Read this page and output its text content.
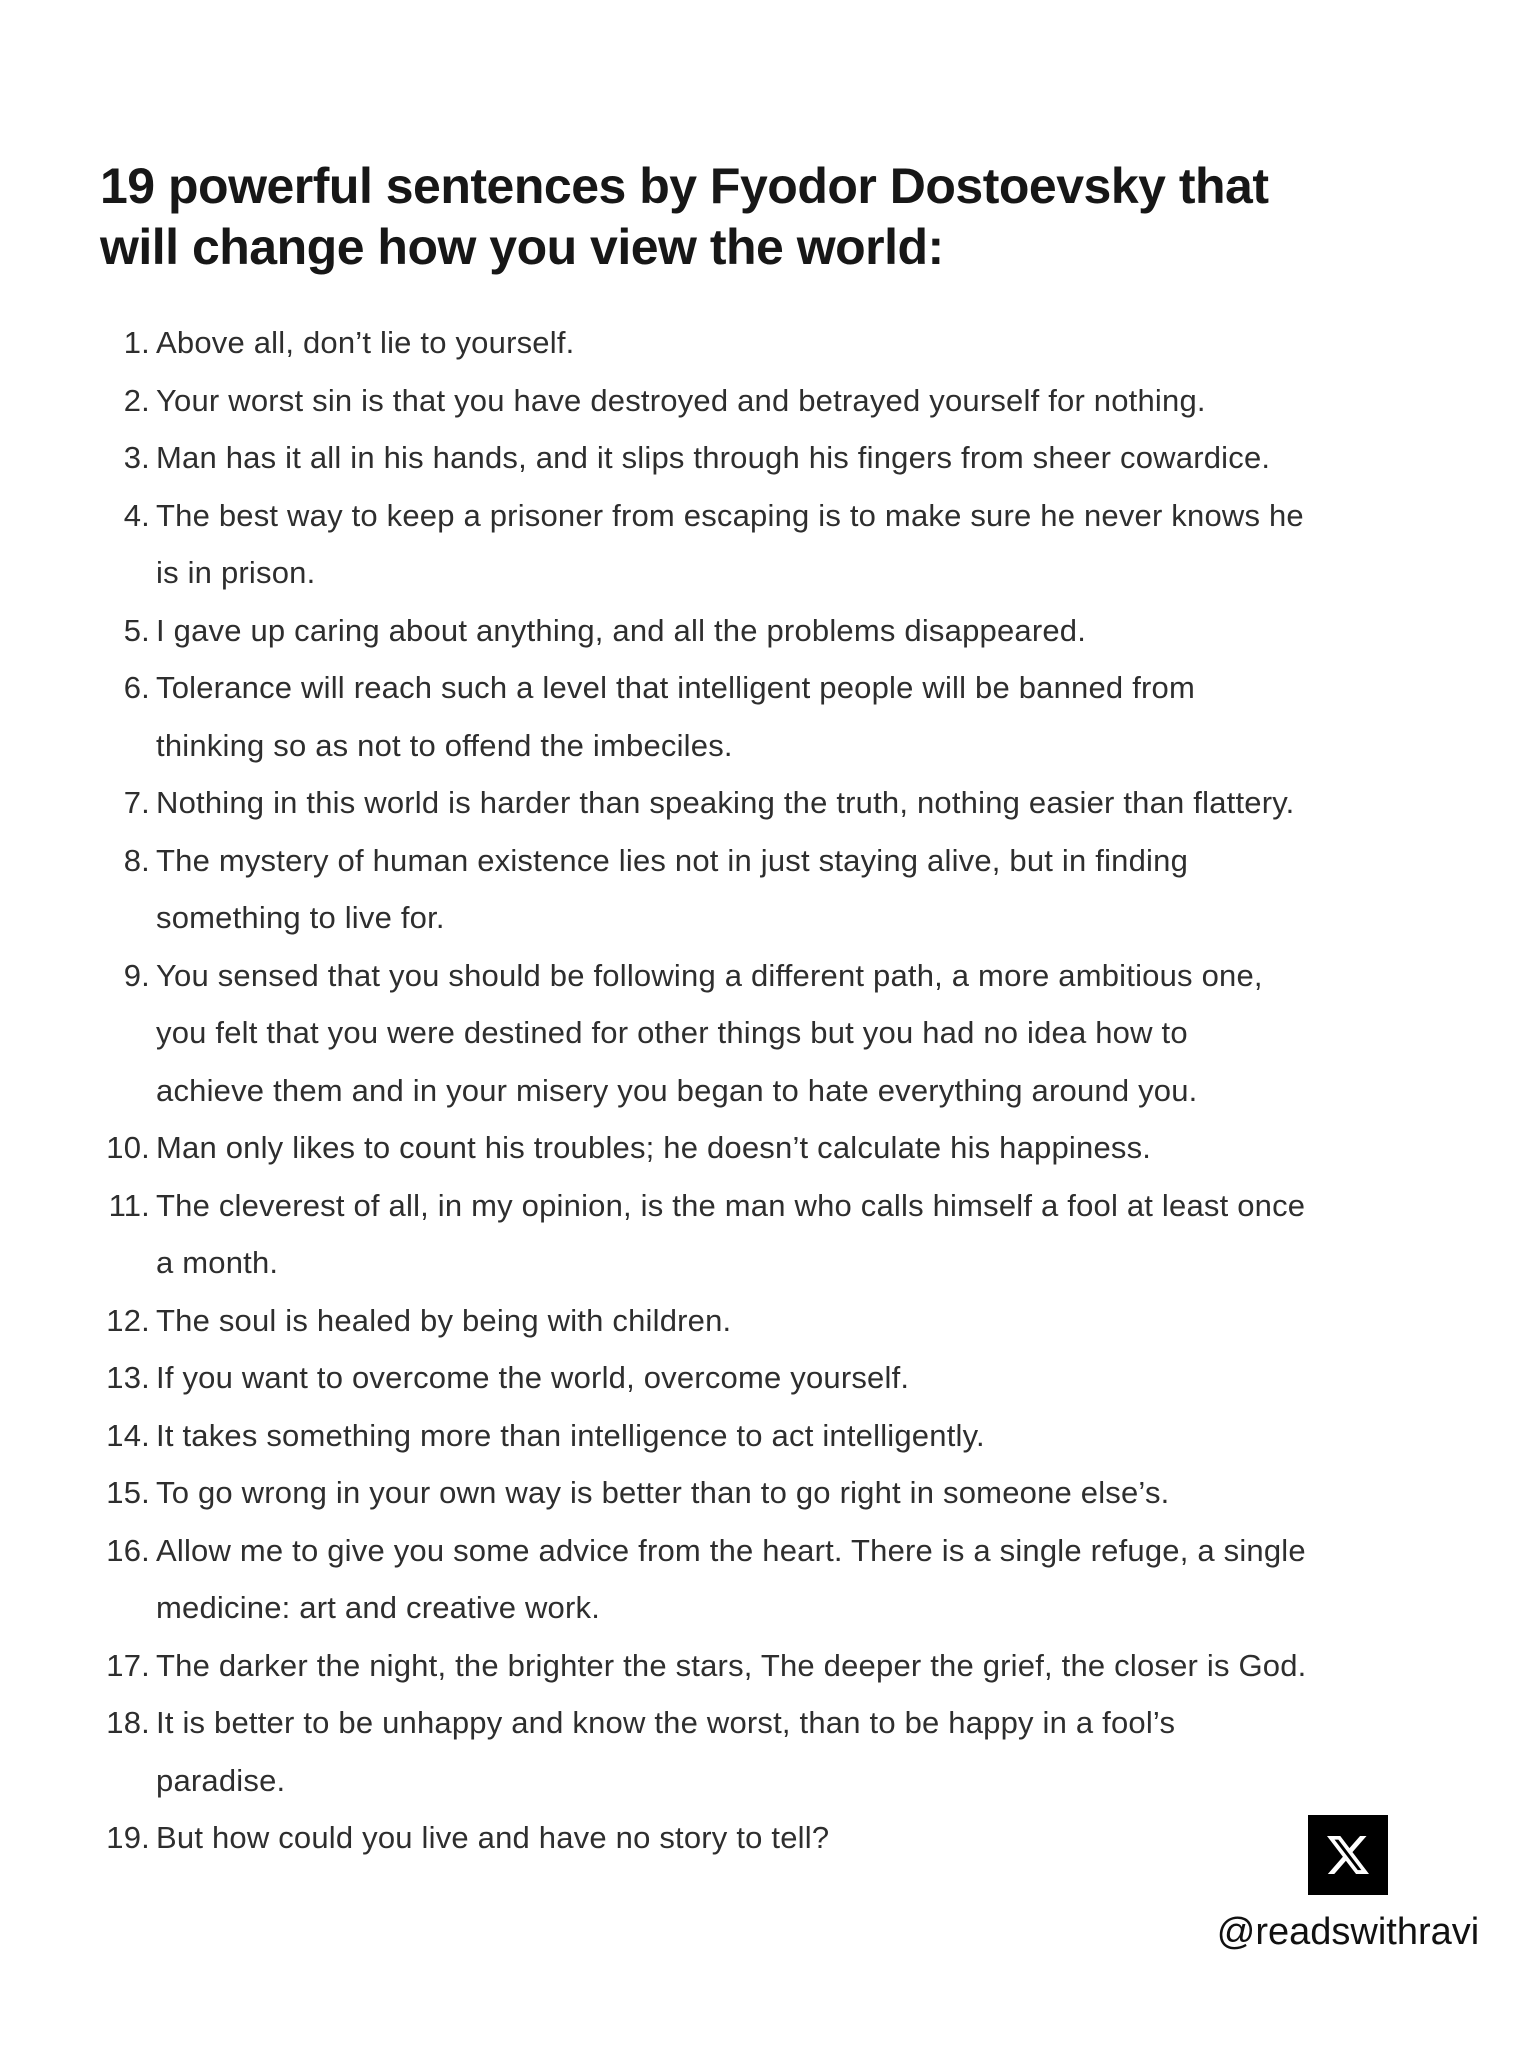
19 powerful sentences by Fyodor Dostoevsky that
will change how you view the world:
1. Above all, don’t lie to yourself.
2. Your worst sin is that you have destroyed and betrayed yourself for nothing.
3. Man has it all in his hands, and it slips through his fingers from sheer cowardice.
4. The best way to keep a prisoner from escaping is to make sure he never knows he
is in prison.
5. I gave up caring about anything, and all the problems disappeared.
6. Tolerance will reach such a level that intelligent people will be banned from
thinking so as not to offend the imbeciles.
7. Nothing in this world is harder than speaking the truth, nothing easier than flattery.
8. The mystery of human existence lies not in just staying alive, but in finding
something to live for.
9. You sensed that you should be following a different path, a more ambitious one,
you felt that you were destined for other things but you had no idea how to
achieve them and in your misery you began to hate everything around you.
10. Man only likes to count his troubles; he doesn’t calculate his happiness.
11. The cleverest of all, in my opinion, is the man who calls himself a fool at least once
a month.
12. The soul is healed by being with children.
13. If you want to overcome the world, overcome yourself.
14. It takes something more than intelligence to act intelligently.
15. To go wrong in your own way is better than to go right in someone else’s.
16. Allow me to give you some advice from the heart. There is a single refuge, a single
medicine: art and creative work.
17. The darker the night, the brighter the stars, The deeper the grief, the closer is God.
18. It is better to be unhappy and know the worst, than to be happy in a fool’s
paradise.
19. But how could you live and have no story to tell?
@readswithravi
